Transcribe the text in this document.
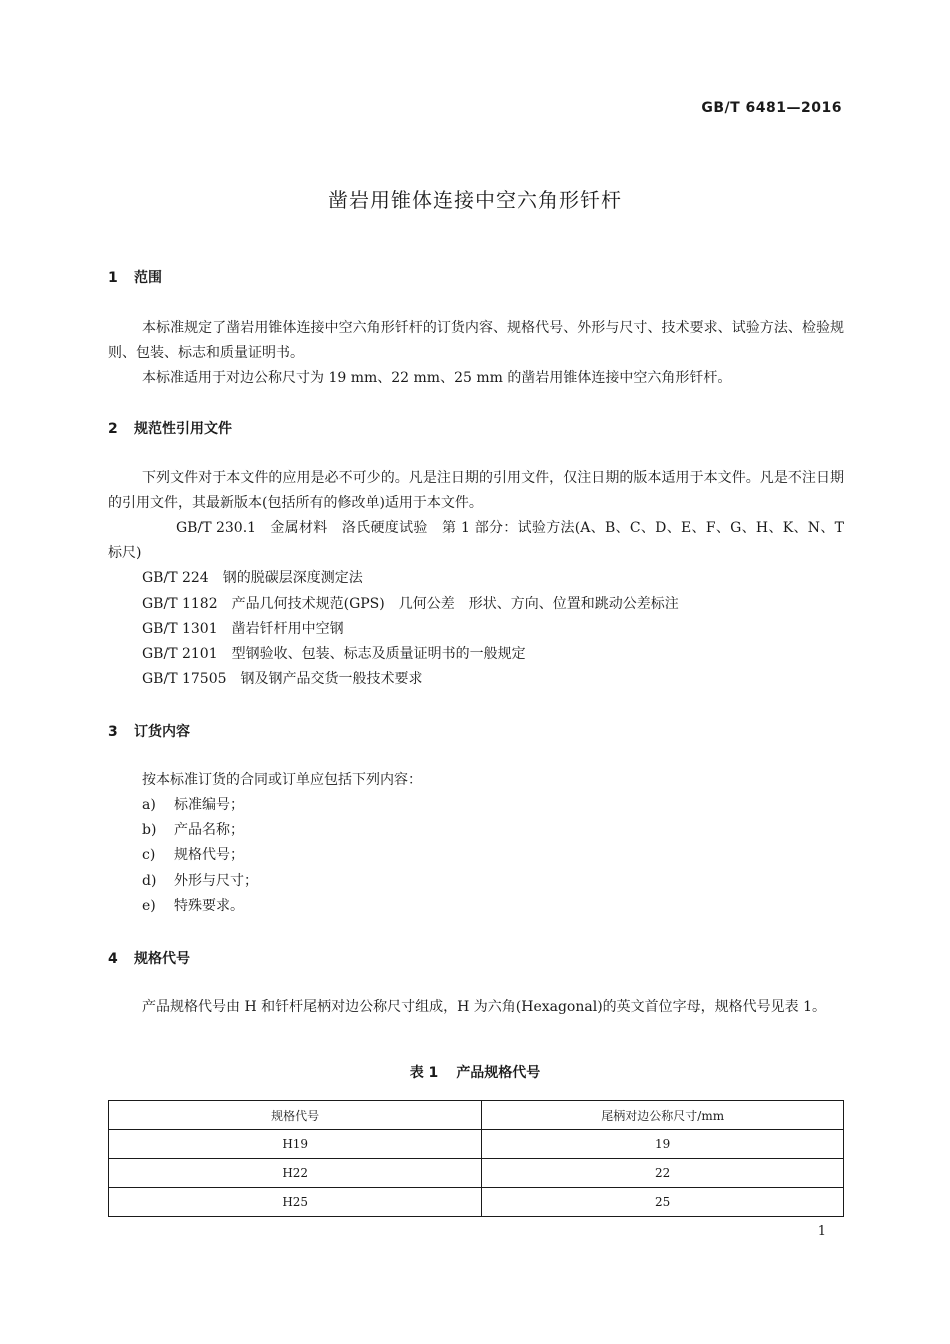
GB/T 6481—2016
凿岩用锥体连接中空六角形钎杆
1 范围
本标准规定了凿岩用锥体连接中空六角形钎杆的订货内容、规格代号、外形与尺寸、技术要求、试验方法、检验规则、包装、标志和质量证明书。
本标准适用于对边公称尺寸为 19 mm、22 mm、25 mm 的凿岩用锥体连接中空六角形钎杆。
2 规范性引用文件
下列文件对于本文件的应用是必不可少的。凡是注日期的引用文件，仅注日期的版本适用于本文件。凡是不注日期的引用文件，其最新版本(包括所有的修改单)适用于本文件。
GB/T 230.1 金属材料　洛氏硬度试验　第 1 部分：试验方法(A、B、C、D、E、F、G、H、K、N、T 标尺)
GB/T 224 钢的脱碳层深度测定法
GB/T 1182 产品几何技术规范(GPS)　几何公差　形状、方向、位置和跳动公差标注
GB/T 1301 凿岩钎杆用中空钢
GB/T 2101 型钢验收、包装、标志及质量证明书的一般规定
GB/T 17505 钢及钢产品交货一般技术要求
3 订货内容
按本标准订货的合同或订单应包括下列内容：
a) 标准编号；
b) 产品名称；
c) 规格代号；
d) 外形与尺寸；
e) 特殊要求。
4 规格代号
产品规格代号由 H 和钎杆尾柄对边公称尺寸组成，H 为六角(Hexagonal)的英文首位字母，规格代号见表 1。
表 1 产品规格代号
规格代号	尾柄对边公称尺寸/mm
H19	19
H22	22
H25	25
1
